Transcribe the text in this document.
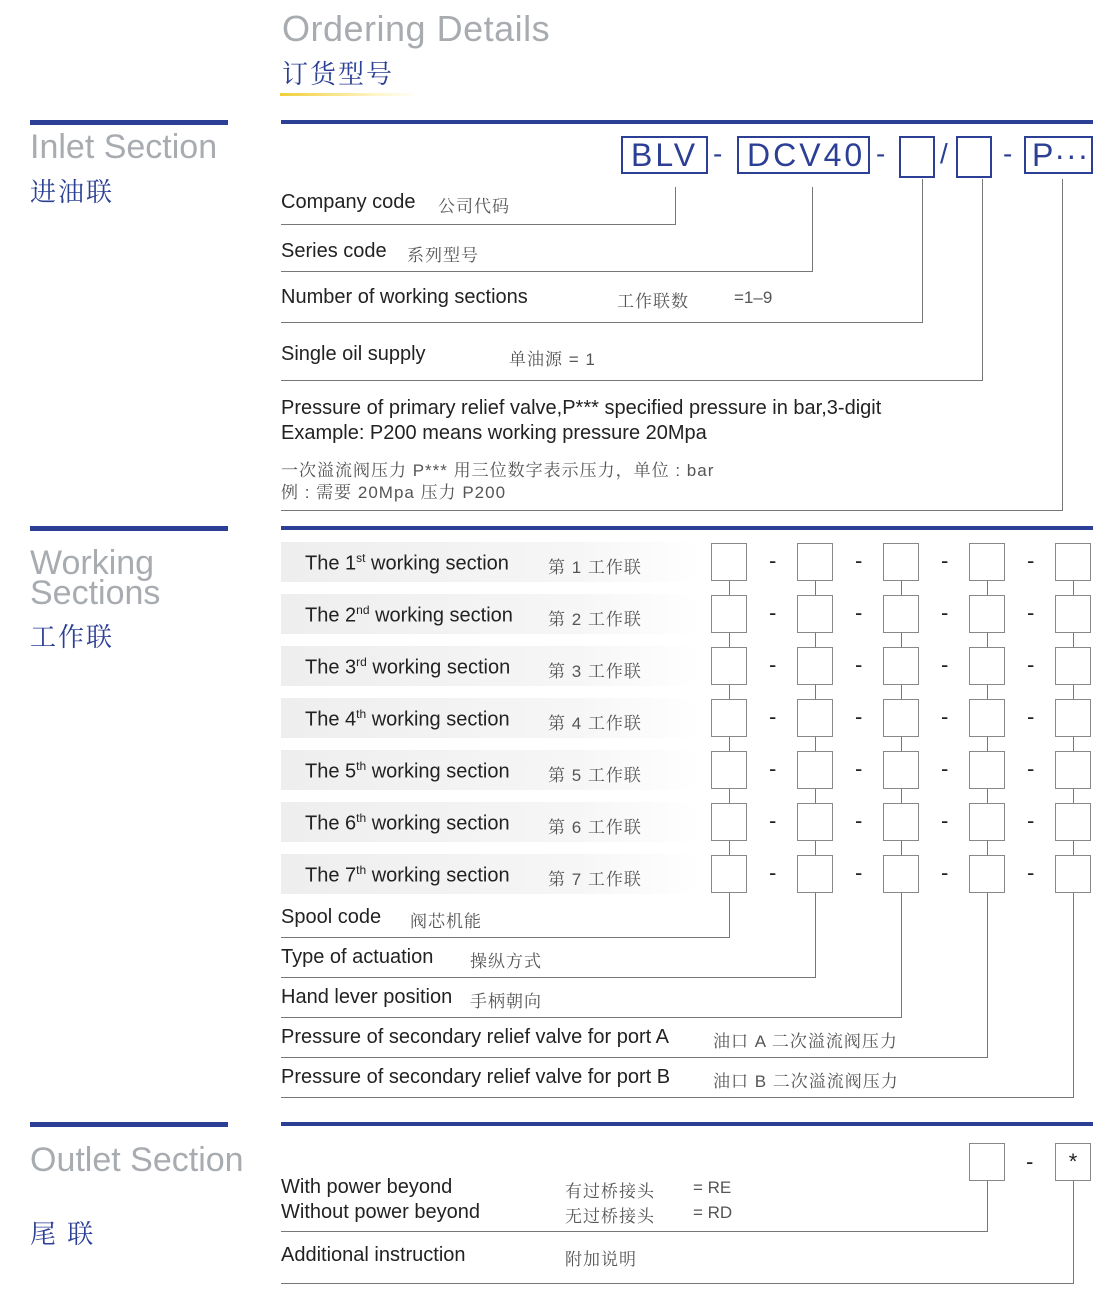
Ordering Details
订货型号
Inlet Section
进油联
BLV - DCV40 - / - P···
Company code 公司代码
Series code 系列型号
Number of working sections	工作联数	=1–9
Single oil supply	单油源 = 1
Pressure of primary relief valve,P*** specified pressure in bar,3-digit
Example: P200 means working pressure 20Mpa
一次溢流阀压力 P*** 用三位数字表示压力，单位 : bar
例 : 需要 20Mpa 压力 P200
Working Sections
工作联
The 1st working section 第 1 工作联	-	-	-	-
The 2nd working section 第 2 工作联	-	-	-	-
The 3rd working section 第 3 工作联	-	-	-	-
The 4th working section 第 4 工作联	-	-	-	-
The 5th working section 第 5 工作联	-	-	-	-
The 6th working section 第 6 工作联	-	-	-	-
The 7th working section 第 7 工作联	-	-	-	-
Spool code 阀芯机能
Type of actuation 操纵方式
Hand lever position 手柄朝向
Pressure of secondary relief valve for port A	油口 A 二次溢流阀压力
Pressure of secondary relief valve for port B	油口 B 二次溢流阀压力
Outlet Section
尾 联
- *
With power beyond	有过桥接头 = RE
Without power beyond	无过桥接头 = RD
Additional instruction	附加说明
